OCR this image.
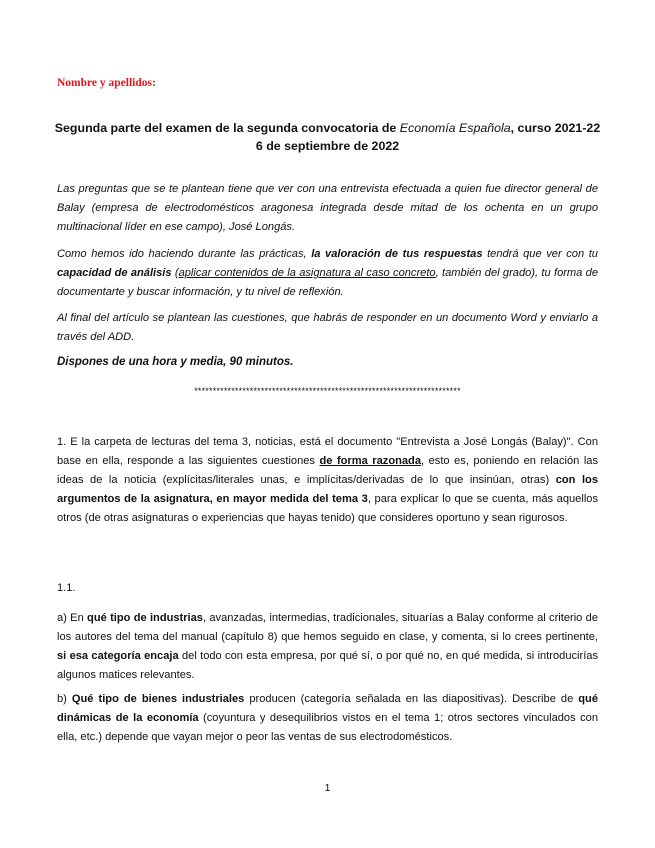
Nombre y apellidos:
Segunda parte del examen de la segunda convocatoria de Economía Española, curso 2021-22
6 de septiembre de 2022

Las preguntas que se te plantean tiene que ver con una entrevista efectuada a quien fue director general de Balay (empresa de electrodomésticos aragonesa integrada desde mitad de los ochenta en un grupo multinacional líder en ese campo), José Longás.

Como hemos ido haciendo durante las prácticas, la valoración de tus respuestas tendrá que ver con tu capacidad de análisis (aplicar contenidos de la asignatura al caso concreto, también del grado), tu forma de documentarte y buscar información, y tu nivel de reflexión.

Al final del artículo se plantean las cuestiones, que habrás de responder en un documento Word y enviarlo a través del ADD.

Dispones de una hora y media, 90 minutos.
************************************************************************

1. E la carpeta de lecturas del tema 3, noticias, está el documento "Entrevista a José Longás (Balay)". Con base en ella, responde a las siguientes cuestiones de forma razonada, esto es, poniendo en relación las ideas de la noticia (explícitas/literales unas, e implícitas/derivadas de lo que insinúan, otras) con los argumentos de la asignatura, en mayor medida del tema 3, para explicar lo que se cuenta, más aquellos otros (de otras asignaturas o experiencias que hayas tenido) que consideres oportuno y sean rigurosos.

1.1.

a) En qué tipo de industrias, avanzadas, intermedias, tradicionales, situarías a Balay conforme al criterio de los autores del tema del manual (capítulo 8) que hemos seguido en clase, y comenta, si lo crees pertinente, si esa categoría encaja del todo con esta empresa, por qué sí, o por qué no, en qué medida, si introducirías algunos matices relevantes.

b) Qué tipo de bienes industriales producen (categoría señalada en las diapositivas). Describe de qué dinámicas de la economía (coyuntura y desequilibrios vistos en el tema 1; otros sectores vinculados con ella, etc.) depende que vayan mejor o peor las ventas de sus electrodomésticos.

1
